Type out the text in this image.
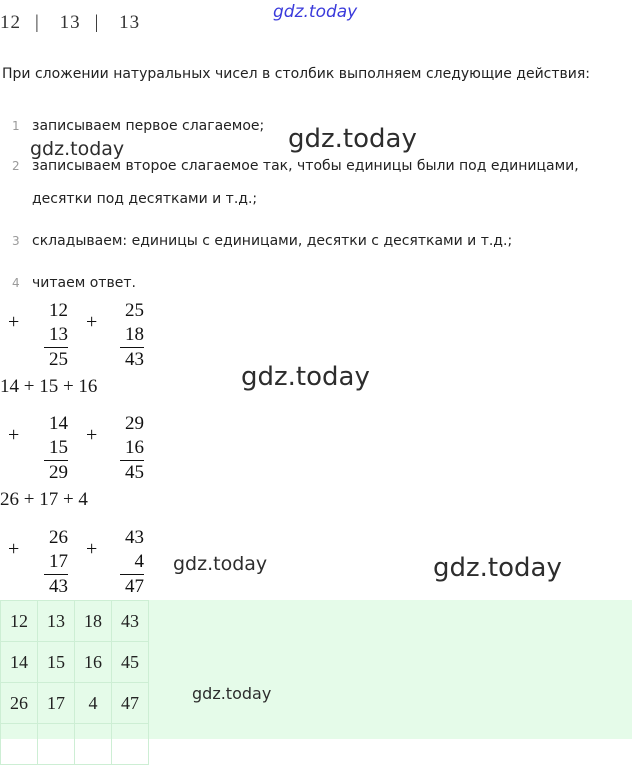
gdz.today
12 | 13 | 13
При сложении натуральных чисел в столбик выполняем следующие действия:
1 записываем первое слагаемое;
2 записываем второе слагаемое так, чтобы единицы были под единицами,
десятки под десятками и т.д.;
3 складываем: единицы с единицами, десятки с десятками и т.д.;
4 читаем ответ.
+
12
13
25
+
25
18
43
14 + 15 + 16
+
14
15
29
+
29
16
45
26 + 17 + 4
+
26
17
43
+
43
4
47
12	13	18	43
14	15	16	45
26	17	4	47

gdz.today
gdz.today
gdz.today
gdz.today	gdz.today
gdz.today
